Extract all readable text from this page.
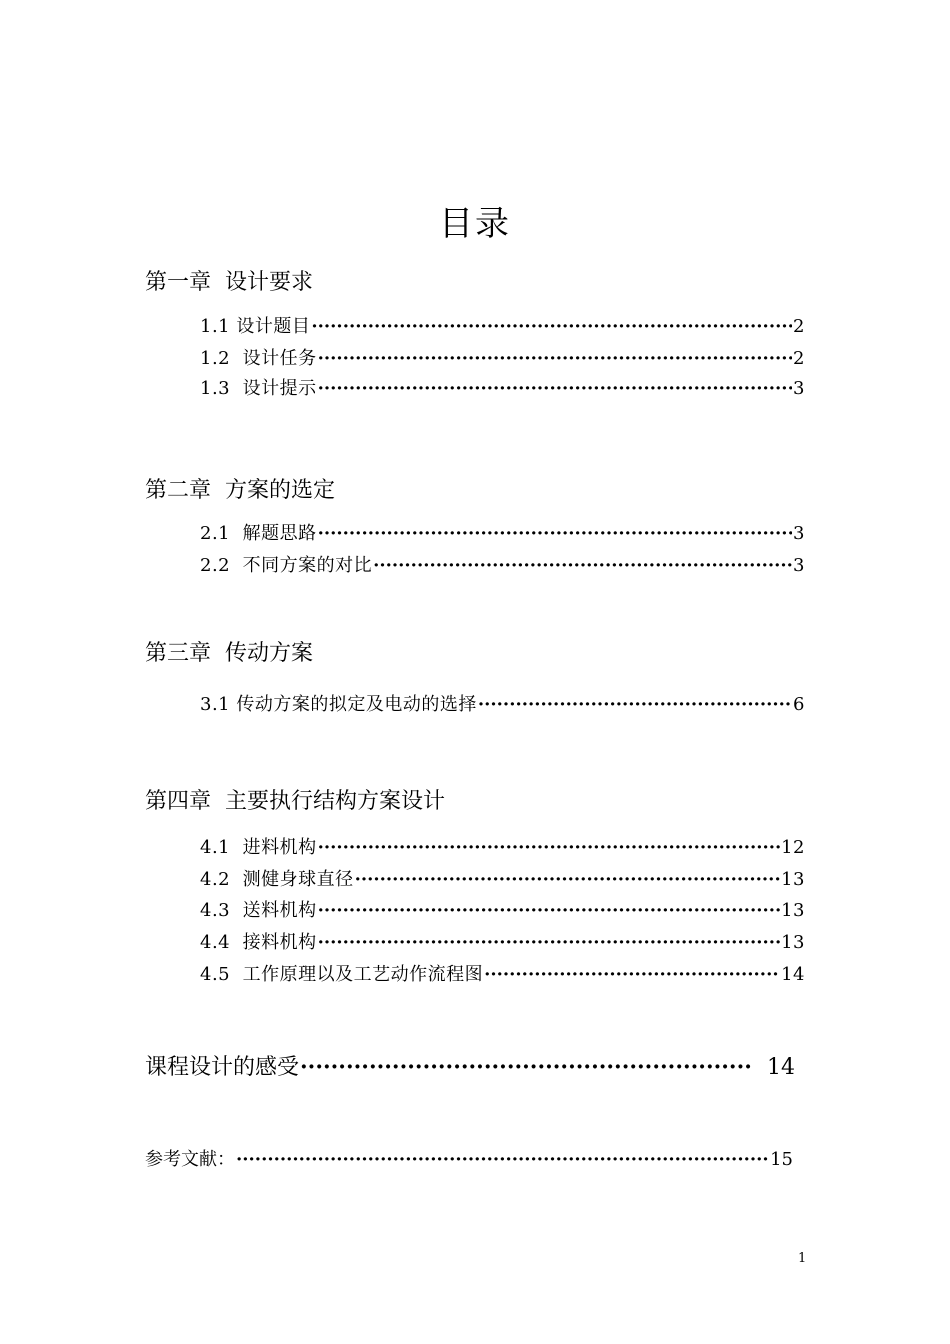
目录
第一章  设计要求
1.1 设计题目 ·····	2
1.2  设计任务 ·····	2
1.3  设计提示 ·····	3
第二章  方案的选定
2.1  解题思路 ·····	3
2.2  不同方案的对比 ·····	3
第三章  传动方案
3.1 传动方案的拟定及电动的选择 ·····	6
第四章  主要执行结构方案设计
4.1  进料机构 ·····	12
4.2  测健身球直径 ·····	13
4.3  送料机构 ·····	13
4.4  接料机构 ·····	13
4.5  工作原理以及工艺动作流程图 ·····	14
课程设计的感受 ·····	14
参考文献： ·····	15
1
